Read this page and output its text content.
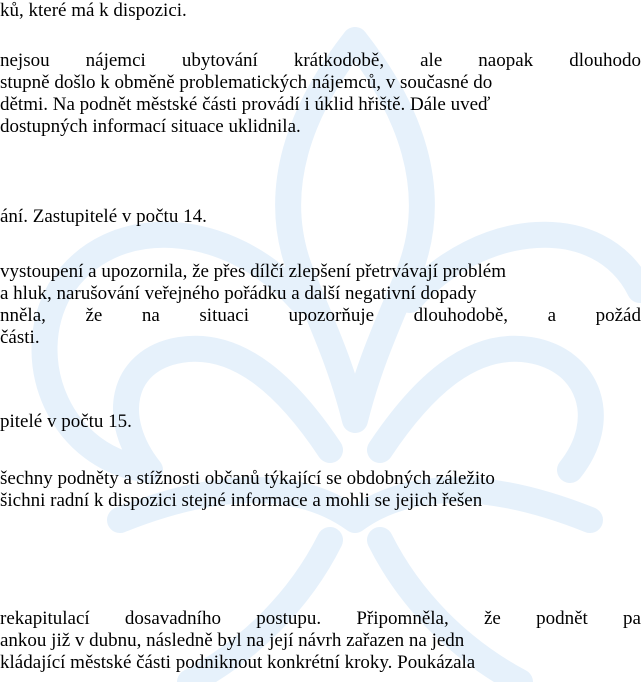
ků, které má k dispozici.
nejsou nájemci ubytování krátkodobě, ale naopak dlouhodo
stupně došlo k obměně problematických nájemců, v současné do
dětmi. Na podnět městské části provádí i úklid hřiště. Dále uveď
dostupných informací situace uklidnila.
ání. Zastupitelé v počtu 14.
vystoupení a upozornila, že přes dílčí zlepšení přetrvávají problém
a hluk, narušování veřejného pořádku a další negativní dopady
nněla, že na situaci upozorňuje dlouhodobě, a požád
části.
pitelé v počtu 15.
šechny podněty a stížnosti občanů týkající se obdobných záležito
šichni radní k dispozici stejné informace a mohli se jejich řešen
rekapitulací dosavadního postupu. Připomněla, že podnět pa
ankou již v dubnu, následně byl na její návrh zařazen na jedn
kládající městské části podniknout konkrétní kroky. Poukázala
